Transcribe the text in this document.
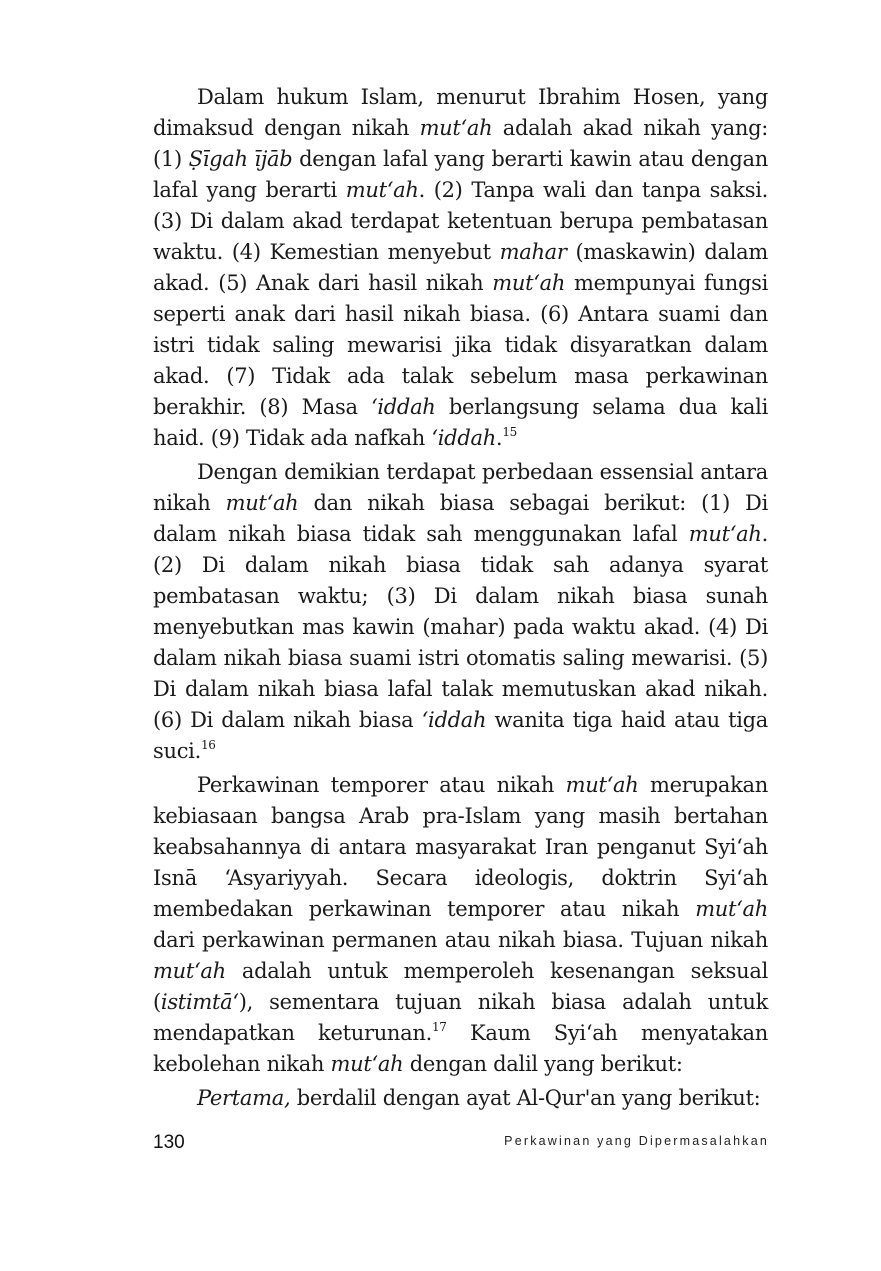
Dalam hukum Islam, menurut Ibrahim Hosen, yang dimaksud dengan nikah mut‘ah adalah akad nikah yang: (1) Ṣīgah ījāb dengan lafal yang berarti kawin atau dengan lafal yang berarti mut‘ah. (2) Tanpa wali dan tanpa saksi. (3) Di dalam akad terdapat ketentuan berupa pembatasan waktu. (4) Kemestian menyebut mahar (maskawin) dalam akad. (5) Anak dari hasil nikah mut‘ah mempunyai fungsi seperti anak dari hasil nikah biasa. (6) Antara suami dan istri tidak saling mewarisi jika tidak disyaratkan dalam akad. (7) Tidak ada talak sebelum masa perkawinan berakhir. (8) Masa ‘iddah berlangsung selama dua kali haid. (9) Tidak ada nafkah ‘iddah.$^{15}$

Dengan demikian terdapat perbedaan essensial antara nikah mut‘ah dan nikah biasa sebagai berikut: (1) Di dalam nikah biasa tidak sah menggunakan lafal mut‘ah. (2) Di dalam nikah biasa tidak sah adanya syarat pembatasan waktu; (3) Di dalam nikah biasa sunah menyebutkan mas kawin (mahar) pada waktu akad. (4) Di dalam nikah biasa suami istri otomatis saling mewarisi. (5) Di dalam nikah biasa lafal talak memutuskan akad nikah. (6) Di dalam nikah biasa ‘iddah wanita tiga haid atau tiga suci.$^{16}$

Perkawinan temporer atau nikah mut‘ah merupakan kebiasaan bangsa Arab pra-Islam yang masih bertahan keabsahannya di antara masyarakat Iran penganut Syi‘ah Isnā ‘Asyariyyah. Secara ideologis, doktrin Syi‘ah membedakan perkawinan temporer atau nikah mut‘ah dari perkawinan permanen atau nikah biasa. Tujuan nikah mut‘ah adalah untuk memperoleh kesenangan seksual (istimtā‘), sementara tujuan nikah biasa adalah untuk mendapatkan keturunan.$^{17}$ Kaum Syi‘ah menyatakan kebolehan nikah mut‘ah dengan dalil yang berikut:

Pertama, berdalil dengan ayat Al-Qur'an yang berikut:

130	Perkawinan yang Dipermasalahkan
